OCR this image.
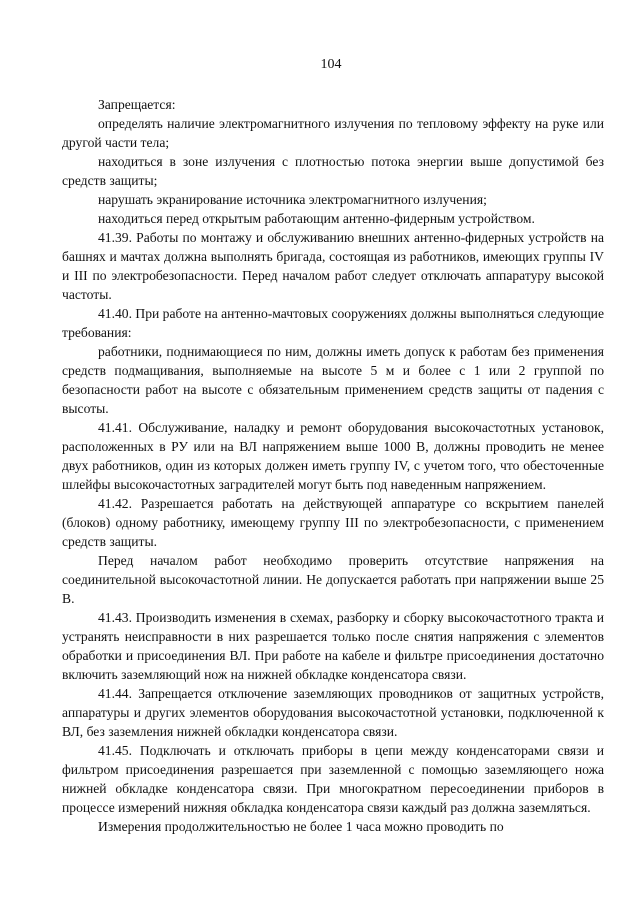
104

Запрещается:

определять наличие электромагнитного излучения по тепловому эффекту на руке или другой части тела;

находиться в зоне излучения с плотностью потока энергии выше допустимой без средств защиты;

нарушать экранирование источника электромагнитного излучения;

находиться перед открытым работающим антенно-фидерным устройством.

41.39. Работы по монтажу и обслуживанию внешних антенно-фидерных устройств на башнях и мачтах должна выполнять бригада, состоящая из работников, имеющих группы IV и III по электробезопасности. Перед началом работ следует отключать аппаратуру высокой частоты.

41.40. При работе на антенно-мачтовых сооружениях должны выполняться следующие требования:

работники, поднимающиеся по ним, должны иметь допуск к работам без применения средств подмащивания, выполняемые на высоте 5 м и более с 1 или 2 группой по безопасности работ на высоте с обязательным применением средств защиты от падения с высоты.

41.41. Обслуживание, наладку и ремонт оборудования высокочастотных установок, расположенных в РУ или на ВЛ напряжением выше 1000 В, должны проводить не менее двух работников, один из которых должен иметь группу IV, с учетом того, что обесточенные шлейфы высокочастотных заградителей могут быть под наведенным напряжением.

41.42. Разрешается работать на действующей аппаратуре со вскрытием панелей (блоков) одному работнику, имеющему группу III по электробезопасности, с применением средств защиты.

Перед началом работ необходимо проверить отсутствие напряжения на соединительной высокочастотной линии. Не допускается работать при напряжении выше 25 В.

41.43. Производить изменения в схемах, разборку и сборку высокочастотного тракта и устранять неисправности в них разрешается только после снятия напряжения с элементов обработки и присоединения ВЛ. При работе на кабеле и фильтре присоединения достаточно включить заземляющий нож на нижней обкладке конденсатора связи.

41.44. Запрещается отключение заземляющих проводников от защитных устройств, аппаратуры и других элементов оборудования высокочастотной установки, подключенной к ВЛ, без заземления нижней обкладки конденсатора связи.

41.45. Подключать и отключать приборы в цепи между конденсаторами связи и фильтром присоединения разрешается при заземленной с помощью заземляющего ножа нижней обкладке конденсатора связи. При многократном пересоединении приборов в процессе измерений нижняя обкладка конденсатора связи каждый раз должна заземляться.

Измерения продолжительностью не более 1 часа можно проводить по
